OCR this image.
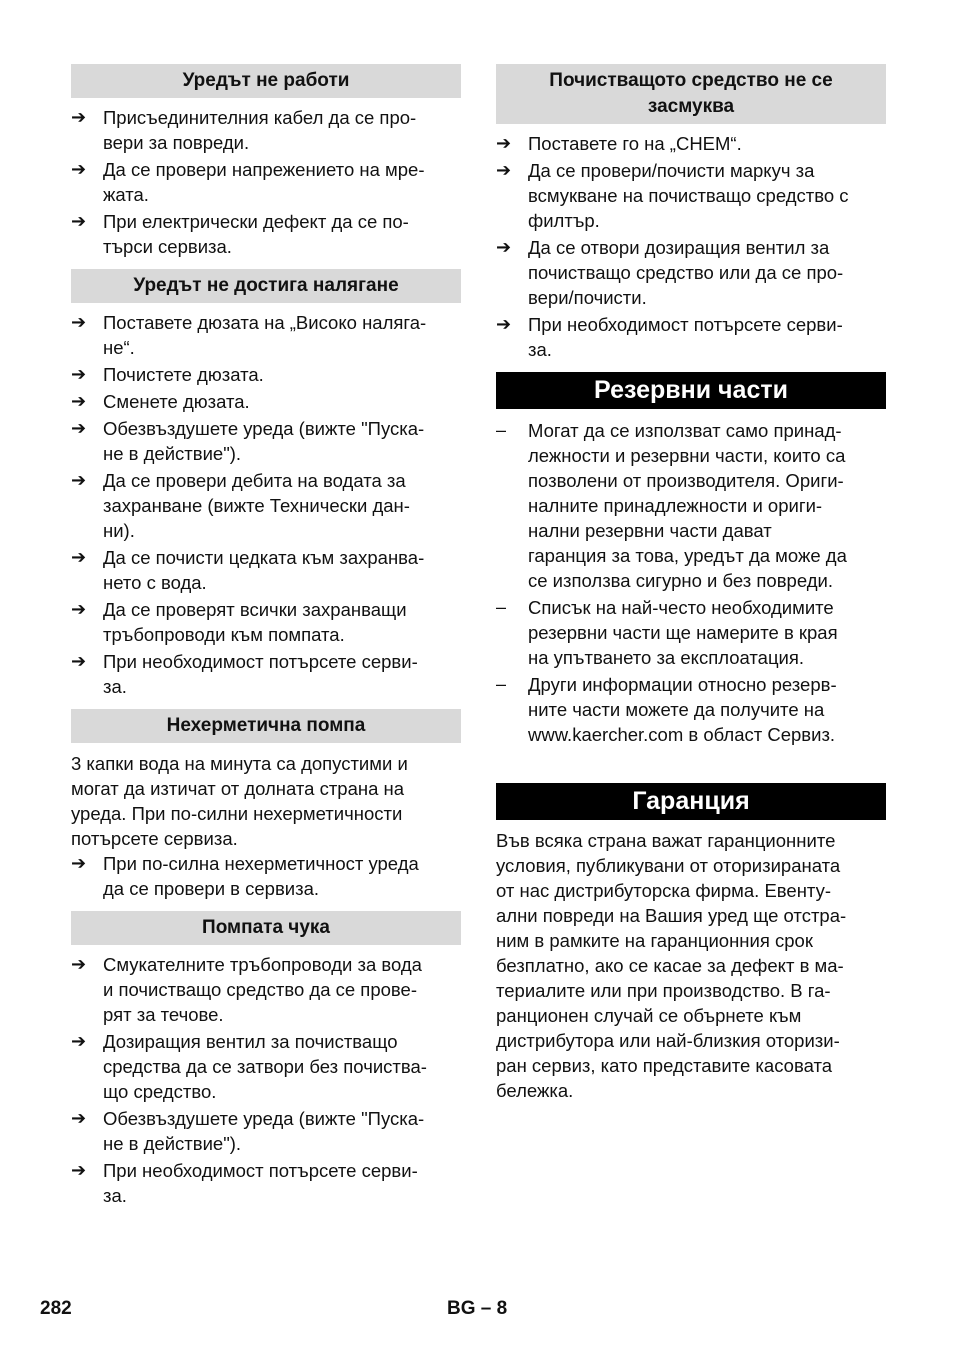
Уредът не работи
➔ Присъединителния кабел да се про-
вери за повреди.
➔ Да се провери напрежението на мре-
жата.
➔ При електрически дефект да се по-
търси сервиза.
Уредът не достига налягане
➔ Поставете дюзата на „Високо наляга-
не“.
➔ Почистете дюзата.
➔ Сменете дюзата.
➔ Обезвъздушете уреда (вижте "Пуска-
не в действие").
➔ Да се провери дебита на водата за
захранване (вижте Технически дан-
ни).
➔ Да се почисти цедката към захранва-
нето с вода.
➔ Да се проверят всички захранващи
тръбопроводи към помпата.
➔ При необходимост потърсете серви-
за.
Нехерметична помпа

3 капки вода на минута са допустими и
могат да изтичат от долната страна на
уреда. При по-силни нехерметичности
потърсете сервиза.

➔ При по-силна нехерметичност уреда
да се провери в сервиза.
Помпата чука
➔ Смукателните тръбопроводи за вода
и почистващо средство да се прове-
рят за течове.
➔ Дозиращия вентил за почистващо
средства да се затвори без почиства-
що средство.
➔ Обезвъздушете уреда (вижте "Пуска-
не в действие").
➔ При необходимост потърсете серви-
за.
Почистващото средство не се
засмуква
➔ Поставете го на „CHEM“.
➔ Да се провери/почисти маркуч за
всмукване на почистващо средство с
филтър.
➔ Да се отвори дозиращия вентил за
почистващо средство или да се про-
вери/почисти.
➔ При необходимост потърсете серви-
за.
Резервни части
–	Могат да се използват само принад-
лежности и резервни части, които са
позволени от производителя. Ориги-
налните принадлежности и ориги-
нални резервни части дават
гаранция за това, уредът да може да
се използва сигурно и без повреди.
–	Списък на най-често необходимите
резервни части ще намерите в края
на упътването за експлоатация.
–	Други информации относно резерв-
ните части можете да получите на
www.kaercher.com в област Сервиз.
Гаранция

Във всяка страна важат гаранционните
условия, публикувани от оторизираната
от нас дистрибуторска фирма. Евенту-
ални повреди на Вашия уред ще отстра-
ним в рамките на гаранционния срок
безплатно, ако се касае за дефект в ма-
териалите или при производство. В га-
ранционен случай се обърнете към
дистрибутора или най-близкия оторизи-
ран сервиз, като представите касовата
бележка.

282	BG – 8
